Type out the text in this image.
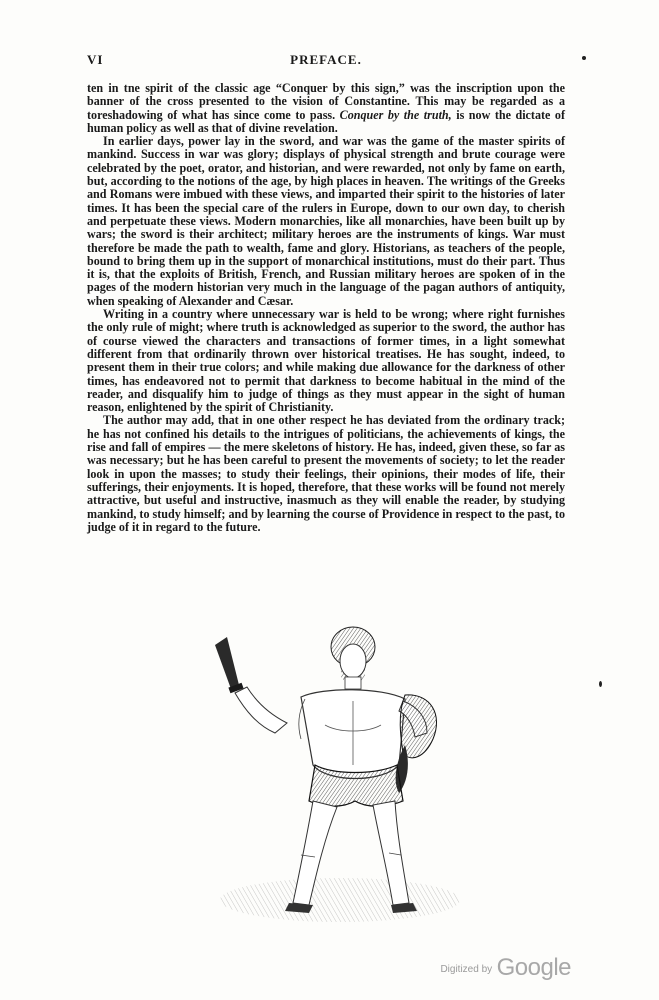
VI	PREFACE.

ten in tne spirit of the classic age “Conquer by this sign,” was the inscription upon the banner of the cross presented to the vision of Constantine. This may be regarded as a toreshadowing of what has since come to pass. Conquer by the truth, is now the dictate of human policy as well as that of divine revelation.

In earlier days, power lay in the sword, and war was the game of the master spirits of mankind. Success in war was glory; displays of physical strength and brute courage were celebrated by the poet, orator, and historian, and were rewarded, not only by fame on earth, but, according to the notions of the age, by high places in heaven. The writings of the Greeks and Romans were imbued with these views, and imparted their spirit to the histories of later times. It has been the special care of the rulers in Europe, down to our own day, to cherish and perpetuate these views. Modern monarchies, like all monarchies, have been built up by wars; the sword is their architect; military heroes are the instruments of kings. War must therefore be made the path to wealth, fame and glory. Historians, as teachers of the people, bound to bring them up in the support of monarchical institutions, must do their part. Thus it is, that the exploits of British, French, and Russian military heroes are spoken of in the pages of the modern historian very much in the language of the pagan authors of antiquity, when speaking of Alexander and Cæsar.

Writing in a country where unnecessary war is held to be wrong; where right furnishes the only rule of might; where truth is acknowledged as superior to the sword, the author has of course viewed the characters and transactions of former times, in a light somewhat different from that ordinarily thrown over historical treatises. He has sought, indeed, to present them in their true colors; and while making due allowance for the darkness of other times, has endeavored not to permit that darkness to become habitual in the mind of the reader, and disqualify him to judge of things as they must appear in the sight of human reason, enlightened by the spirit of Christianity.

The author may add, that in one other respect he has deviated from the ordinary track; he has not confined his details to the intrigues of politicians, the achievements of kings, the rise and fall of empires — the mere skeletons of history. He has, indeed, given these, so far as was necessary; but he has been careful to present the movements of society; to let the reader look in upon the masses; to study their feelings, their opinions, their modes of life, their sufferings, their enjoyments. It is hoped, therefore, that these works will be found not merely attractive, but useful and instructive, inasmuch as they will enable the reader, by studying mankind, to study himself; and by learning the course of Providence in respect to the past, to judge of it in regard to the future.

Digitized by Google
